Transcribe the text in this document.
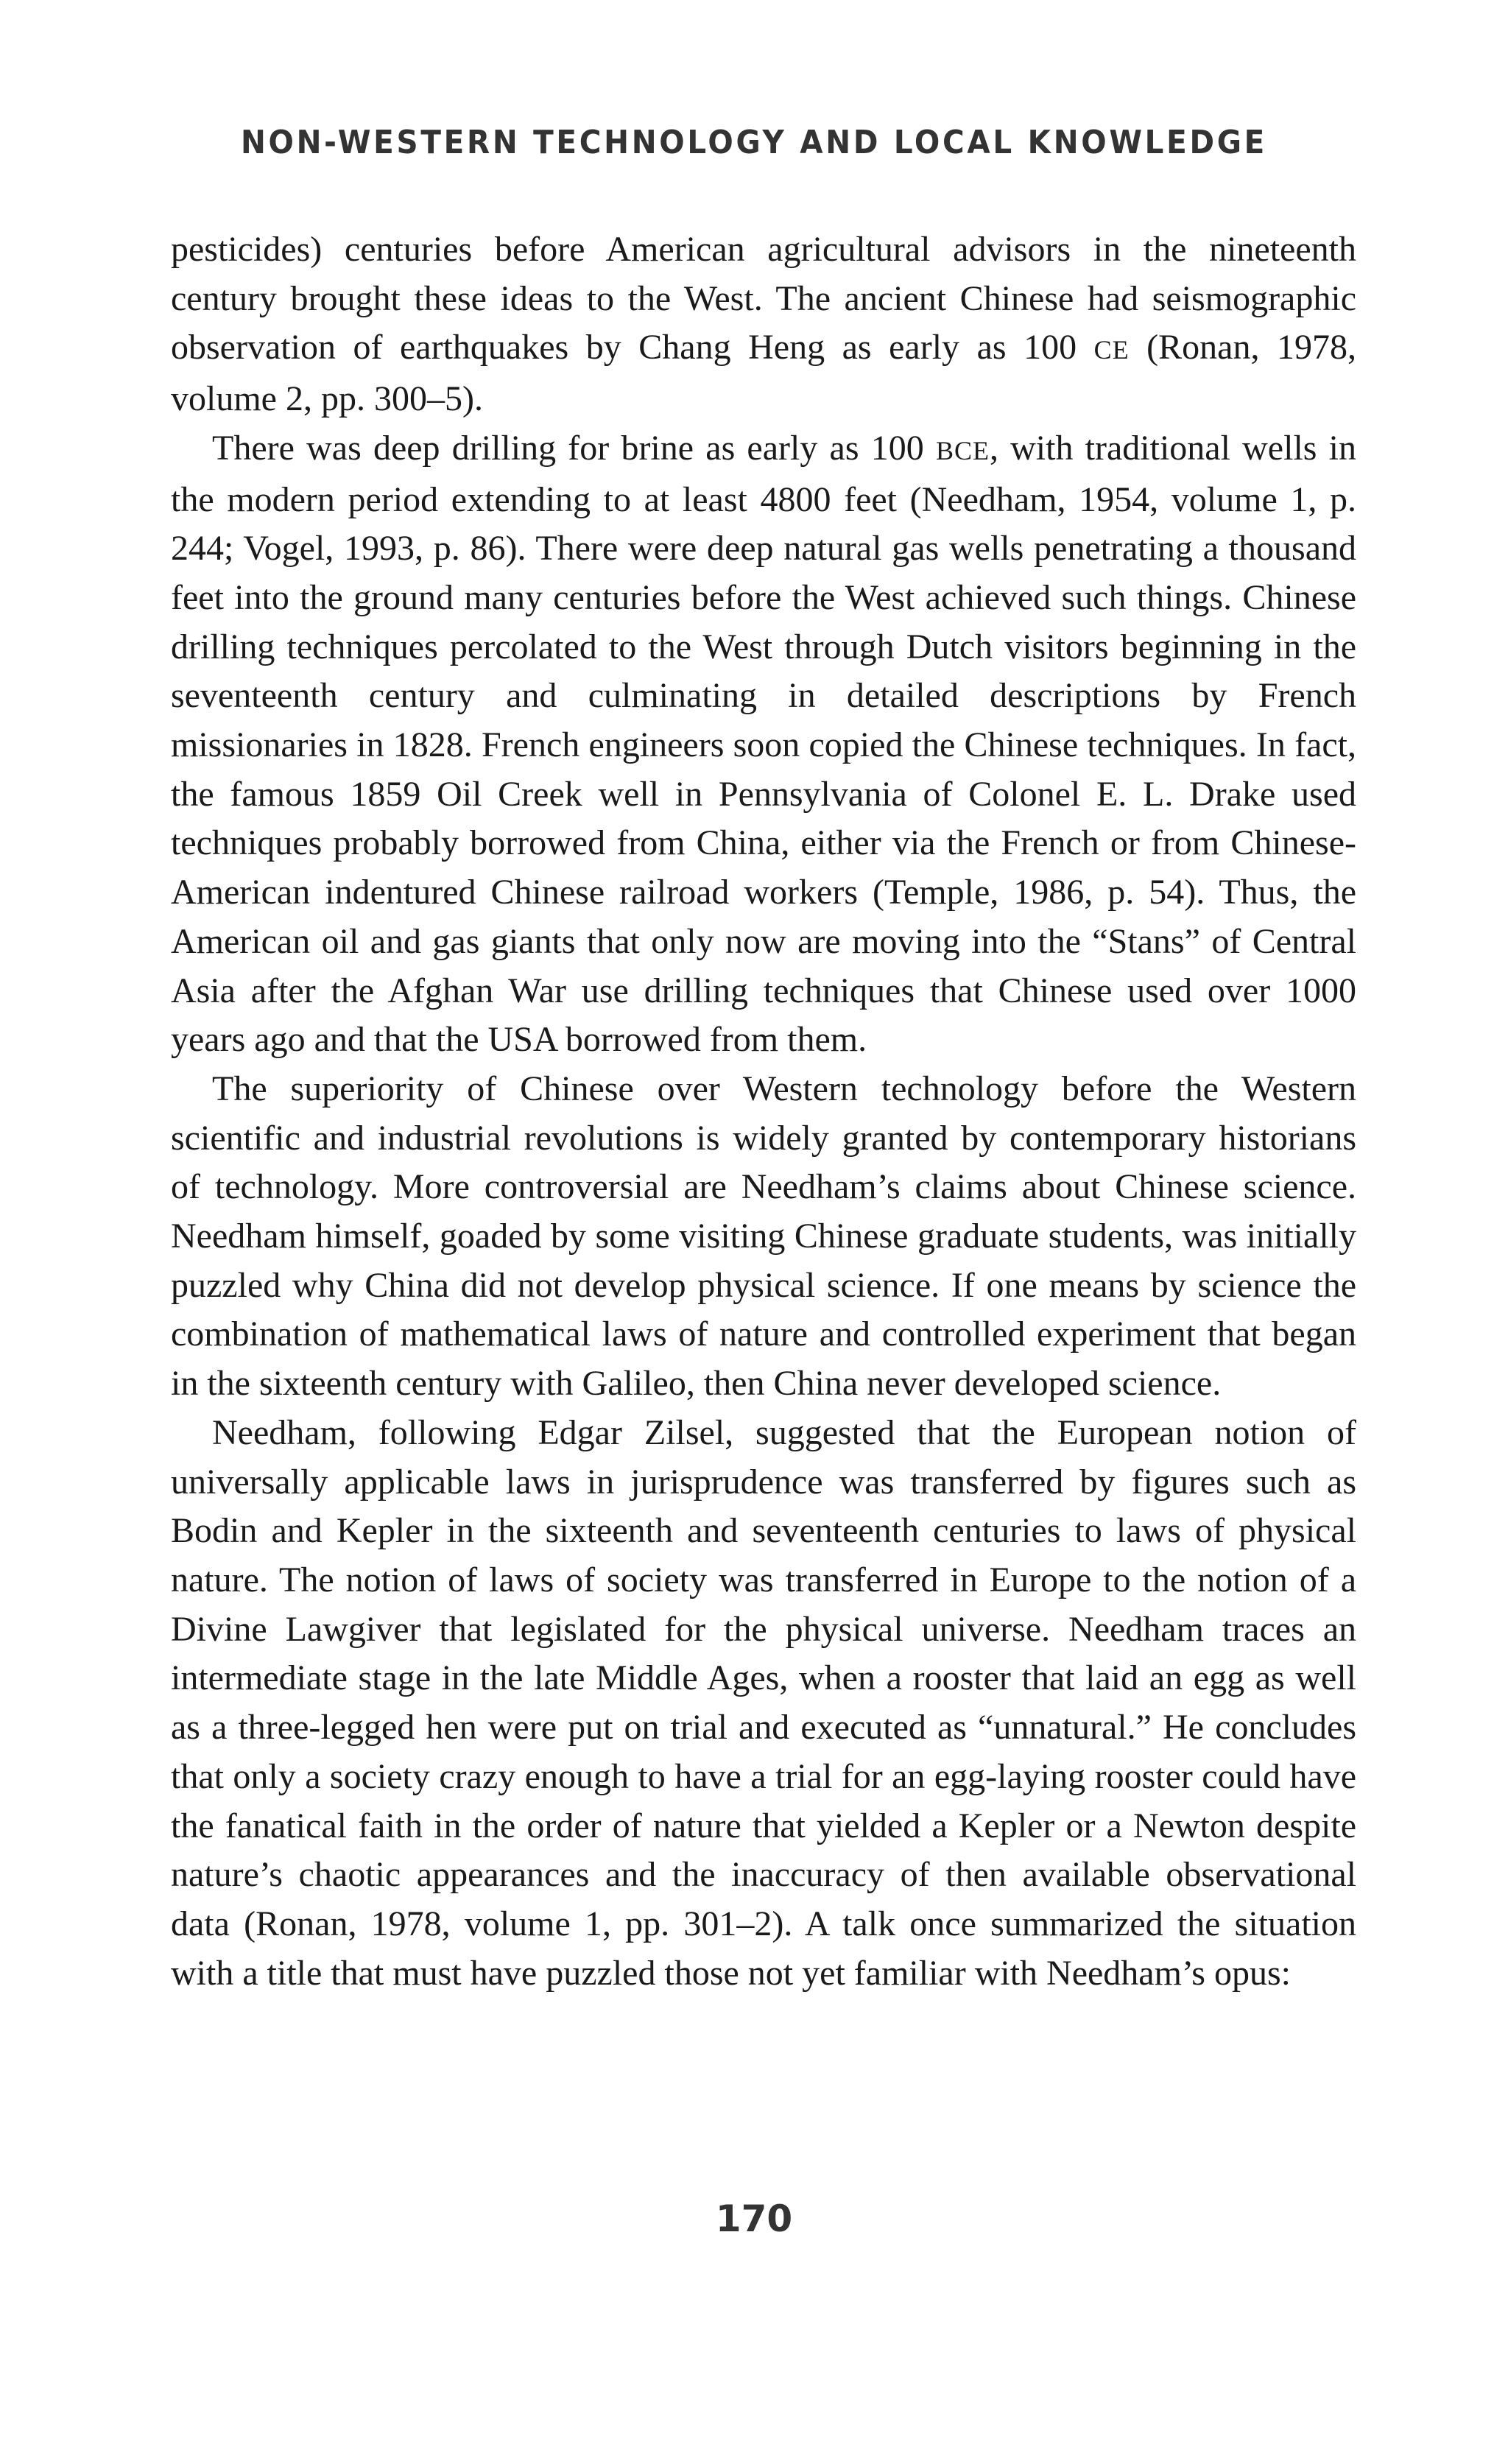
NON-WESTERN TECHNOLOGY AND LOCAL KNOWLEDGE

pesticides) centuries before American agricultural advisors in the nineteenth century brought these ideas to the West. The ancient Chinese had seismographic observation of earthquakes by Chang Heng as early as 100 CE (Ronan, 1978, volume 2, pp. 300–5).

There was deep drilling for brine as early as 100 BCE, with traditional wells in the modern period extending to at least 4800 feet (Needham, 1954, volume 1, p. 244; Vogel, 1993, p. 86). There were deep natural gas wells penetrating a thousand feet into the ground many centuries before the West achieved such things. Chinese drilling techniques percolated to the West through Dutch visitors beginning in the seventeenth century and culminating in detailed descriptions by French missionaries in 1828. French engineers soon copied the Chinese techniques. In fact, the famous 1859 Oil Creek well in Pennsylvania of Colonel E. L. Drake used techniques probably borrowed from China, either via the French or from Chinese-American indentured Chinese railroad workers (Temple, 1986, p. 54). Thus, the American oil and gas giants that only now are moving into the “Stans” of Central Asia after the Afghan War use drilling techniques that Chinese used over 1000 years ago and that the USA borrowed from them.

The superiority of Chinese over Western technology before the Western scientific and industrial revolutions is widely granted by contemporary historians of technology. More controversial are Needham’s claims about Chinese science. Needham himself, goaded by some visiting Chinese graduate students, was initially puzzled why China did not develop physical science. If one means by science the combination of mathematical laws of nature and controlled experiment that began in the sixteenth century with Galileo, then China never developed science.

Needham, following Edgar Zilsel, suggested that the European notion of universally applicable laws in jurisprudence was transferred by figures such as Bodin and Kepler in the sixteenth and seventeenth centuries to laws of physical nature. The notion of laws of society was transferred in Europe to the notion of a Divine Lawgiver that legislated for the physical universe. Needham traces an intermediate stage in the late Middle Ages, when a rooster that laid an egg as well as a three-legged hen were put on trial and executed as “unnatural.” He concludes that only a society crazy enough to have a trial for an egg-laying rooster could have the fanatical faith in the order of nature that yielded a Kepler or a Newton despite nature’s chaotic appearances and the inaccuracy of then available observational data (Ronan, 1978, volume 1, pp. 301–2). A talk once summarized the situation with a title that must have puzzled those not yet familiar with Needham’s opus:

170
